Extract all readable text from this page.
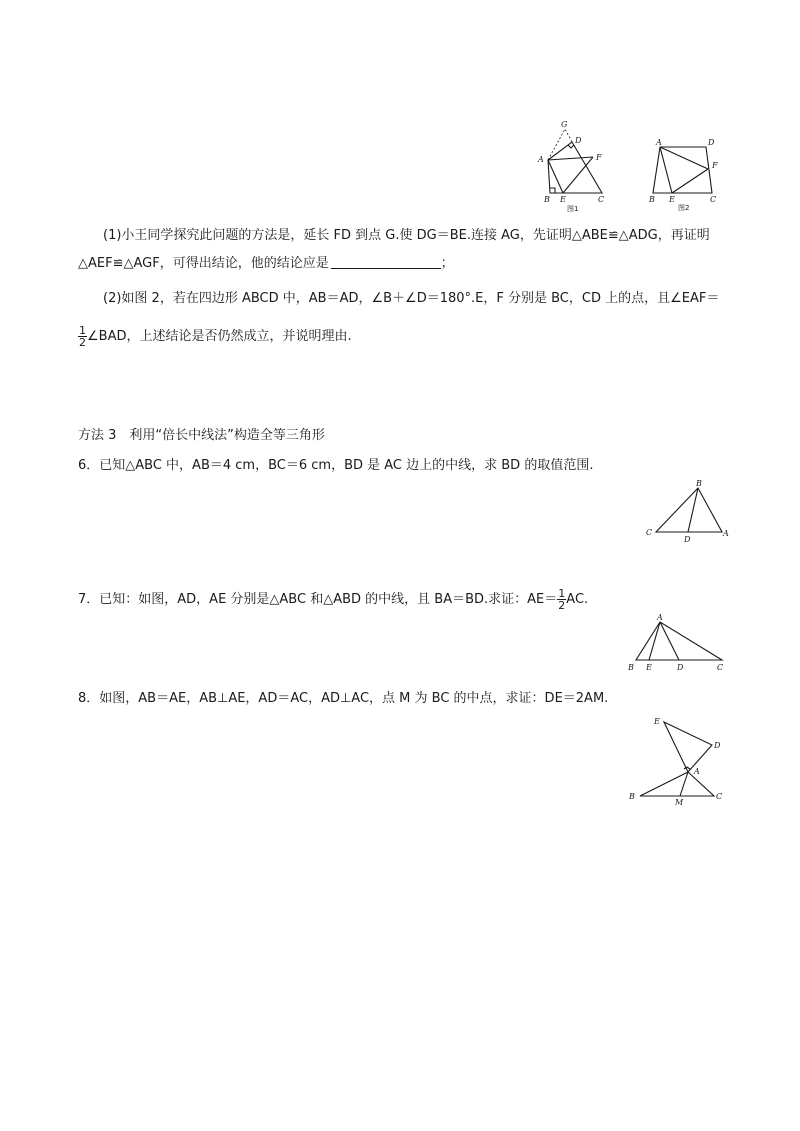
G
D
A	F
B E	C
图1
A	D
F
B E	C
图2
(1)小王同学探究此问题的方法是，延长 FD 到点 G.使 DG＝BE.连接 AG，先证明△ABE≌△ADG，再证明
△AEF≌△AGF，可得出结论，他的结论应是	；
(2)如图 2，若在四边形 ABCD 中，AB＝AD，∠B＋∠D＝180°.E，F 分别是 BC，CD 上的点，且∠EAF＝
$\frac{1}{2}$ ∠BAD，上述结论是否仍然成立，并说明理由.
方法 3　利用“倍长中线法”构造全等三角形
6．已知△ABC 中，AB＝4 cm，BC＝6 cm，BD 是 AC 边上的中线，求 BD 的取值范围.
B
C
D
A
7．已知：如图，AD，AE 分别是△ABC 和△ABD 的中线，且 BA＝BD.求证：$AE= \frac{1}{2}$ AC.
A
B E	D	C
8．如图，AB＝AE，AB⊥AE，AD＝AC，AD⊥AC，点 M 为 BC 的中点，求证：DE＝2AM.
E
D
A
B
M
C
